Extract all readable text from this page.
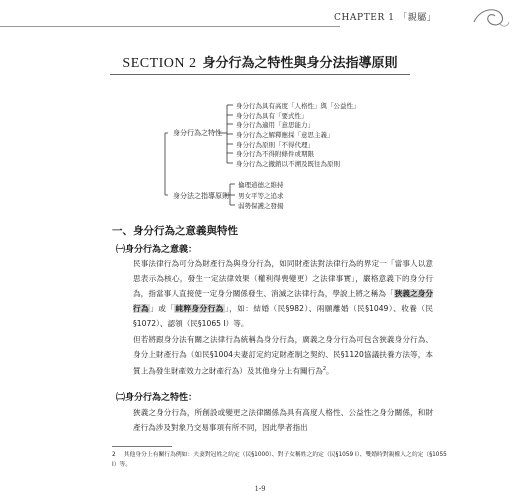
CHAPTER 1 「親屬」
SECTION 2 身分行為之特性與身分法指導原則
身分行為之特性
身分行為具有高度「人格性」與「公益性」
身分行為具有「要式性」
身分行為適用「意思能力」
身分行為之解釋應採「意思主義」
身分行為原則「不得代理」
身分行為不得附條件或期限
身分行為之撤銷以不溯及既往為原則
身分法之指導原則
倫理道德之維持
男女平等之追求
弱勢保護之發揚
一、身分行為之意義與特性
㈠身分行為之意義：
民事法律行為可分為財產行為與身分行為，如同財產法對法律行為的界定一「當事人以意思表示為核心，發生一定法律效果（權利得喪變更）之法律事實」，嚴格意義下的身分行為，指當事人直接使一定身分關係發生、消滅之法律行為，學說上將之稱為「狹義之身分行為」或「純粹身分行為」，如：結婚（民§982）、兩願離婚（民§1049）、收養（民§1072）、認領（民§1065 I）等。
但若將跟身分法有關之法律行為統稱為身分行為，廣義之身分行為可包含狹義身分行為、身分上財產行為（如民§1004夫妻訂定約定財產制之契約、民§1120協議扶養方法等，本質上為發生財產效力之財產行為）及其他身分上有關行為$^2$。
㈡身分行為之特性：
狹義之身分行為，所創設或變更之法律關係為具有高度人格性、公益性之身分關係，和財產行為涉及對象乃交易事項有所不同，因此學者指出
2 其他身分上有關行為例如：夫妻對冠姓之約定（民§1000）、對子女稱姓之約定（民§1059 I）、雙婚時對親權人之約定（§1055 I）等。
1-9
